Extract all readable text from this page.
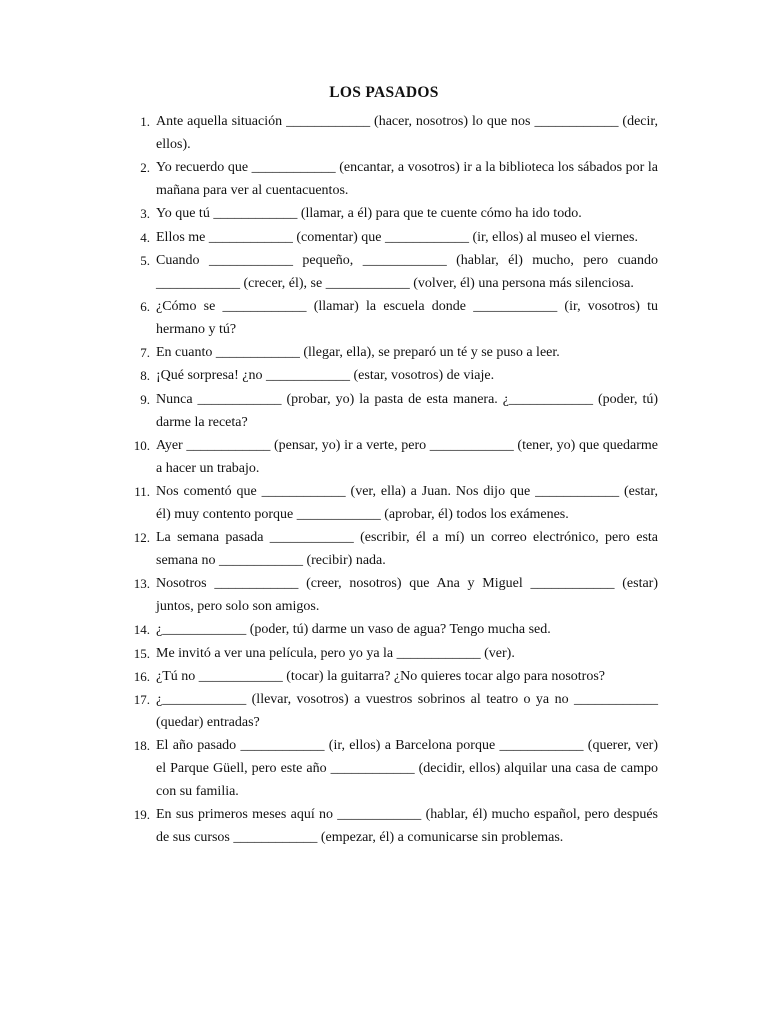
LOS PASADOS
1. Ante aquella situación ____________ (hacer, nosotros) lo que nos ____________ (decir, ellos).
2. Yo recuerdo que ____________ (encantar, a vosotros) ir a la biblioteca los sábados por la mañana para ver al cuentacuentos.
3. Yo que tú ____________ (llamar, a él) para que te cuente cómo ha ido todo.
4. Ellos me ____________ (comentar) que ____________ (ir, ellos) al museo el viernes.
5. Cuando ____________ pequeño, ____________ (hablar, él) mucho, pero cuando ____________ (crecer, él), se ____________ (volver, él) una persona más silenciosa.
6. ¿Cómo se ____________ (llamar) la escuela donde ____________ (ir, vosotros) tu hermano y tú?
7. En cuanto ____________ (llegar, ella), se preparó un té y se puso a leer.
8. ¡Qué sorpresa! ¿no ____________ (estar, vosotros) de viaje.
9. Nunca ____________ (probar, yo) la pasta de esta manera. ¿____________ (poder, tú) darme la receta?
10. Ayer ____________ (pensar, yo) ir a verte, pero ____________ (tener, yo) que quedarme a hacer un trabajo.
11. Nos comentó que ____________ (ver, ella) a Juan. Nos dijo que ____________ (estar, él) muy contento porque ____________ (aprobar, él) todos los exámenes.
12. La semana pasada ____________ (escribir, él a mí) un correo electrónico, pero esta semana no ____________ (recibir) nada.
13. Nosotros ____________ (creer, nosotros) que Ana y Miguel ____________ (estar) juntos, pero solo son amigos.
14. ¿____________ (poder, tú) darme un vaso de agua? Tengo mucha sed.
15. Me invitó a ver una película, pero yo ya la ____________ (ver).
16. ¿Tú no ____________ (tocar) la guitarra? ¿No quieres tocar algo para nosotros?
17. ¿____________ (llevar, vosotros) a vuestros sobrinos al teatro o ya no ____________ (quedar) entradas?
18. El año pasado ____________ (ir, ellos) a Barcelona porque ____________ (querer, ver) el Parque Güell, pero este año ____________ (decidir, ellos) alquilar una casa de campo con su familia.
19. En sus primeros meses aquí no ____________ (hablar, él) mucho español, pero después de sus cursos ____________ (empezar, él) a comunicarse sin problemas.
